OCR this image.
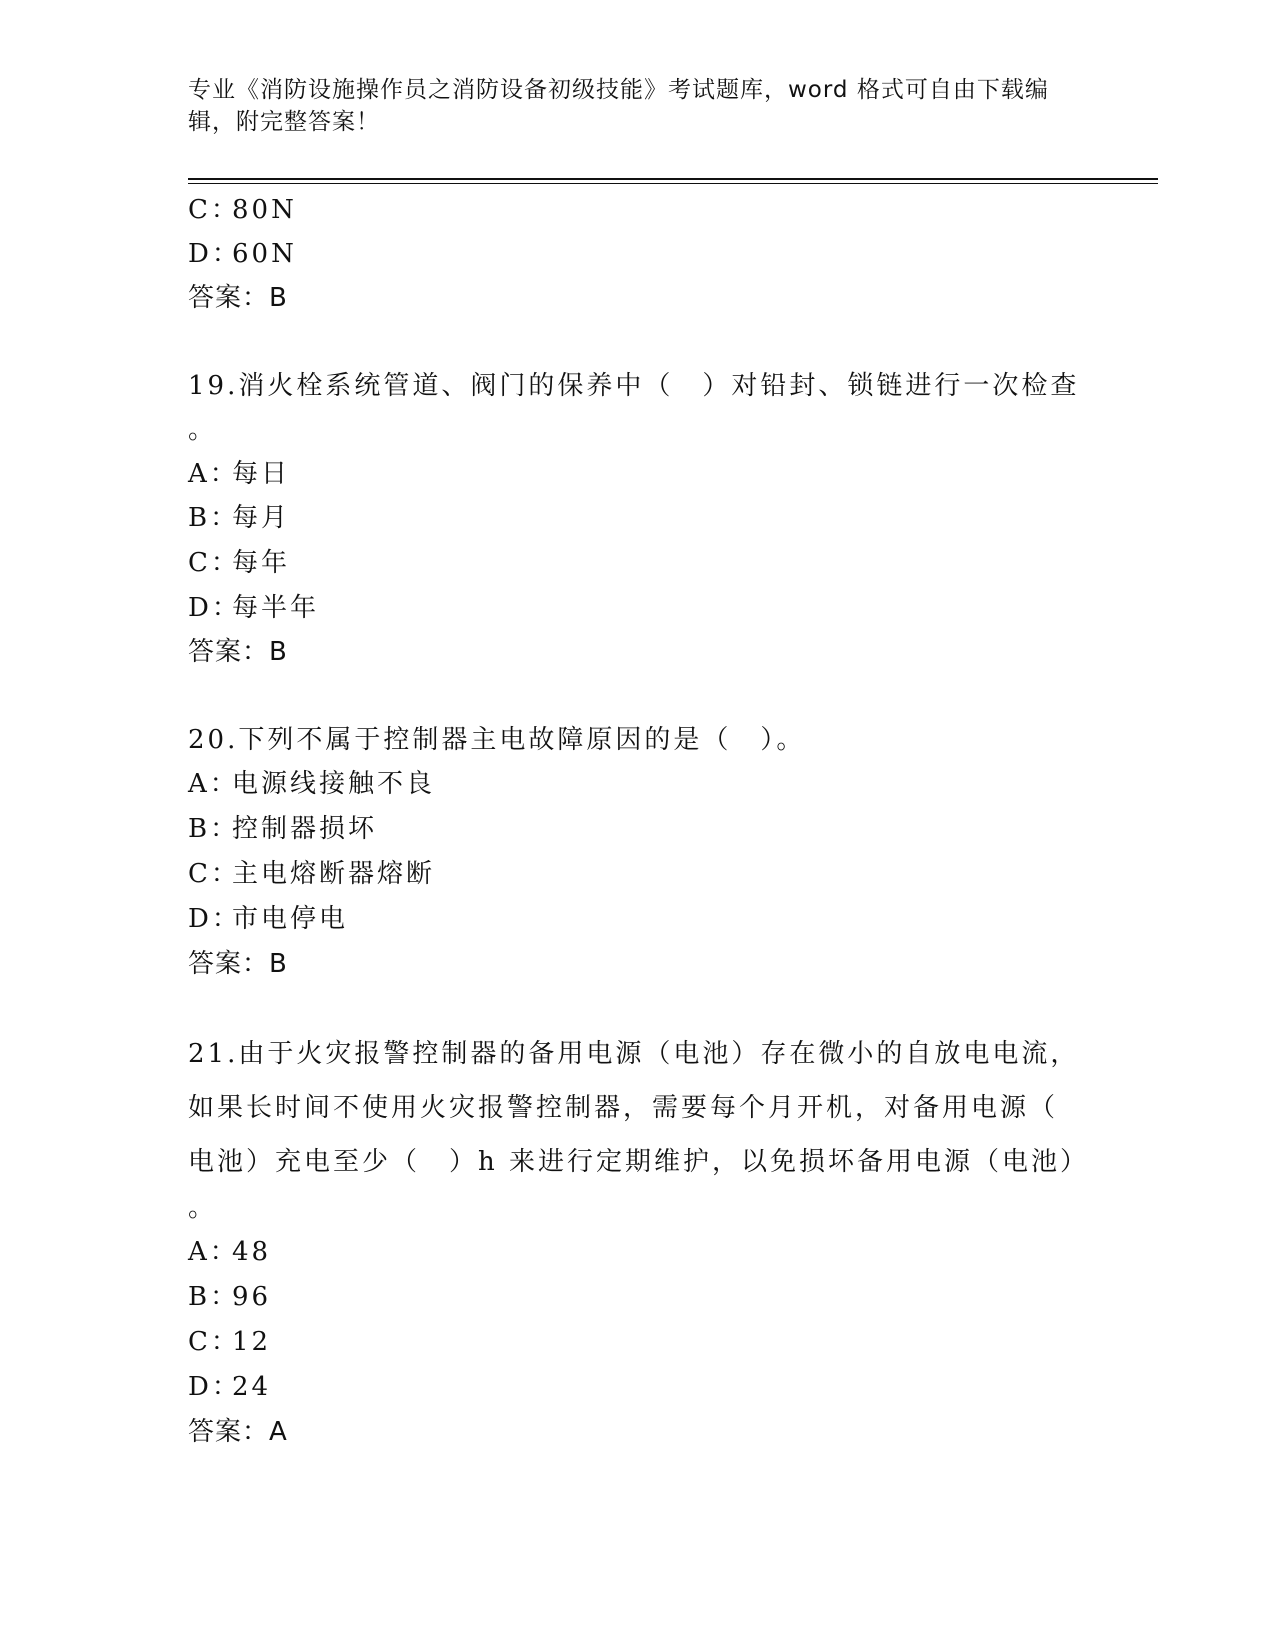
专业《消防设施操作员之消防设备初级技能》考试题库，word 格式可自由下载编
辑，附完整答案！
C：80N
D：60N
答案：B
19.消火栓系统管道、阀门的保养中（　）对铅封、锁链进行一次检查
。
A：每日
B：每月
C：每年
D：每半年
答案：B
20.下列不属于控制器主电故障原因的是（　）。
A：电源线接触不良
B：控制器损坏
C：主电熔断器熔断
D：市电停电
答案：B
21.由于火灾报警控制器的备用电源（电池）存在微小的自放电电流，
如果长时间不使用火灾报警控制器，需要每个月开机，对备用电源（
电池）充电至少（　）h 来进行定期维护，以免损坏备用电源（电池）
。
A：48
B：96
C：12
D：24
答案：A
